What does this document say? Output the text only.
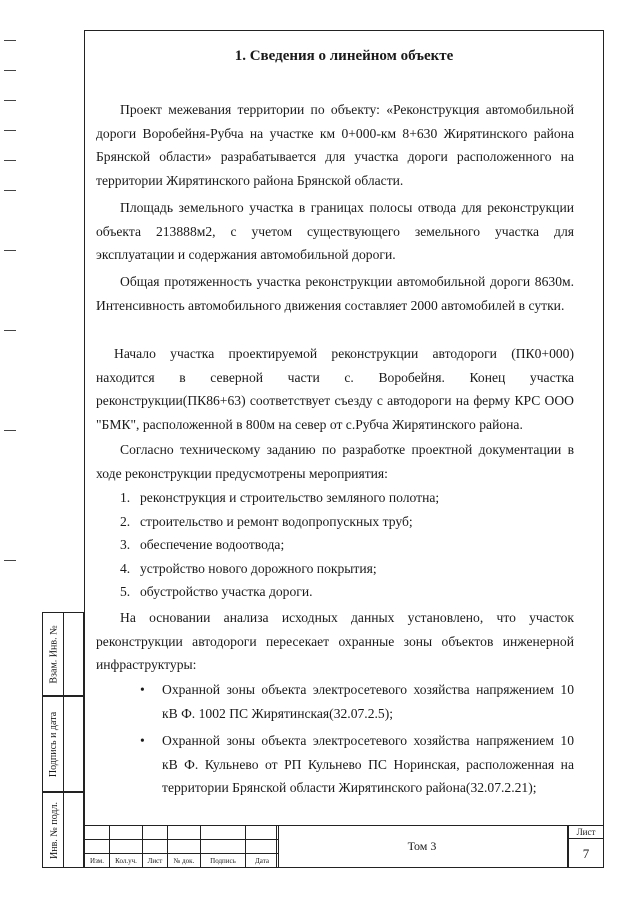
Взам. Инв. №
Подпись и дата
Инв. № подл.
1. Сведения о линейном объекте
Проект межевания территории по объекту: «Реконструкция автомобильной дороги Воробейня-Рубча на участке км 0+000-км 8+630 Жирятинского района Брянской области» разрабатывается для участка дороги расположенного на территории Жирятинского района Брянской области.
Площадь земельного участка в границах полосы отвода для реконструкции объекта 213888м2, с учетом существующего земельного участка для эксплуатации и содержания автомобильной дороги.
Общая протяженность участка реконструкции автомобильной дороги 8630м. Интенсивность автомобильного движения составляет 2000 автомобилей в сутки.
Начало участка проектируемой реконструкции автодороги (ПК0+000) находится в северной части с. Воробейня. Конец участка реконструкции(ПК86+63) соответствует съезду с автодороги на ферму КРС ООО "БМК", расположенной в 800м на север от с.Рубча Жирятинского района.
Согласно техническому заданию по разработке проектной документации в ходе реконструкции предусмотрены мероприятия:
1. реконструкция и строительство земляного полотна;
2. строительство и ремонт водопропускных труб;
3. обеспечение водоотвода;
4. устройство нового дорожного покрытия;
5. обустройство участка дороги.
На основании анализа исходных данных установлено, что участок реконструкции автодороги пересекает охранные зоны объектов инженерной инфраструктуры:
•	Охранной зоны объекта электросетевого хозяйства напряжением 10 кВ Ф. 1002 ПС Жирятинская(32.07.2.5);
•	Охранной зоны объекта электросетевого хозяйства напряжением 10 кВ Ф. Кульнево от РП Кульнево ПС Норинская, расположенная на территории Брянской области Жирятинского района(32.07.2.21);

Изм.	Кол.уч.	Лист	№ док.	Подпись	Дата
Том 3
Лист
7
